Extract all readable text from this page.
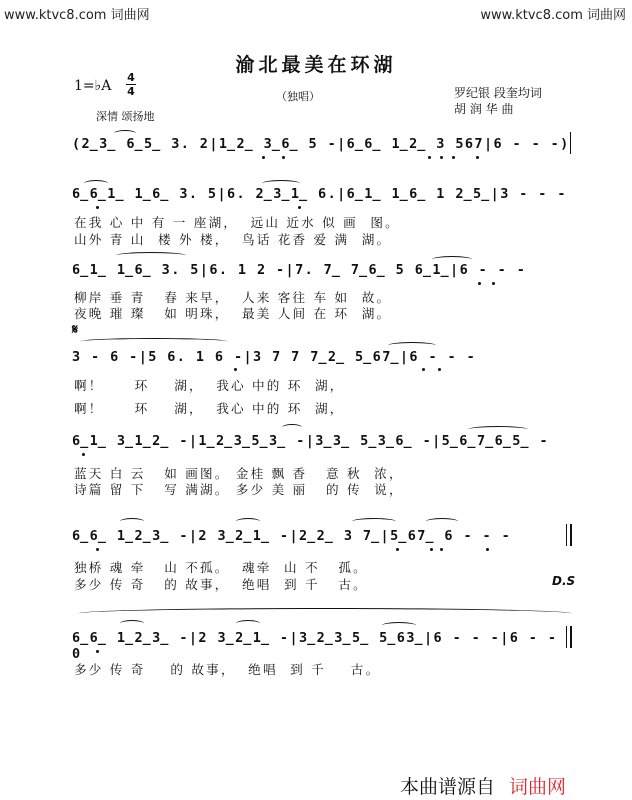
www.ktvc8.com 词曲网	www.ktvc8.com 词曲网
渝北最美在环湖
1=♭A
4
4	（独唱）	罗纪银 段奎均词
胡 润 华 曲
深情 颂扬地
(2̲3̲ 6̲5̲ 3. 2|1̲2̲ 3̲6̲ 5 -|6̲6̲ 1̲2̲ 3 567|6 - - -)
6̲6̲1̲ 1̲6̲ 3. 5|6. 2̲3̲1̲ 6.|6̲1̲ 1̲6̲ 1 2̲5̲|3 - - -
在我 心 中 有 一 座湖，  远山 近水 似 画  图。
山外 青 山  楼 外 楼，  鸟话 花香 爱 满  湖。
6̲1̲ 1̲6̲ 3. 5|6. 1 2 -|7. 7̲ 7̲6̲ 5 6̲1̲|6 - - -
柳岸 垂 青   春 来早，  人来 客往 车 如  故。
夜晚 璀 璨   如 明珠，  最美 人间 在 环  湖。
𝄋
3 - 6 -|5 6. 1 6 -|3 7 7 7̲2̲ 5̲67̲|6 - - -
啊！     环    湖，  我心 中的 环  湖，
啊！     环    湖，  我心 中的 环  湖，
6̲1̲ 3̲1̲2̲ -|1̲2̲3̲5̲3̲ -|3̲3̲ 5̲3̲6̲ -|5̲6̲7̲6̲5̲ -
蓝天 白 云   如 画图。 金桂 飘 香   意 秋  浓，
诗篇 留 下   写 满湖。 多少 美 丽   的 传  说，
6̲6̲ 1̲2̲3̲ -|2 3̲2̲1̲ -|2̲2̲ 3 7̲|5̲67̲ 6 - - -
独桥 魂 牵   山 不孤。  魂牵  山 不   孤。
多少 传 奇   的 故事，  绝唱  到 千   古。	D.S
6̲6̲ 1̲2̲3̲ -|2 3̲2̲1̲ -|3̲2̲3̲5̲ 5̲63̲|6 - - -|6 - - 0
多少 传 奇    的 故事，  绝唱  到 千    古。
本曲谱源自 词曲网
